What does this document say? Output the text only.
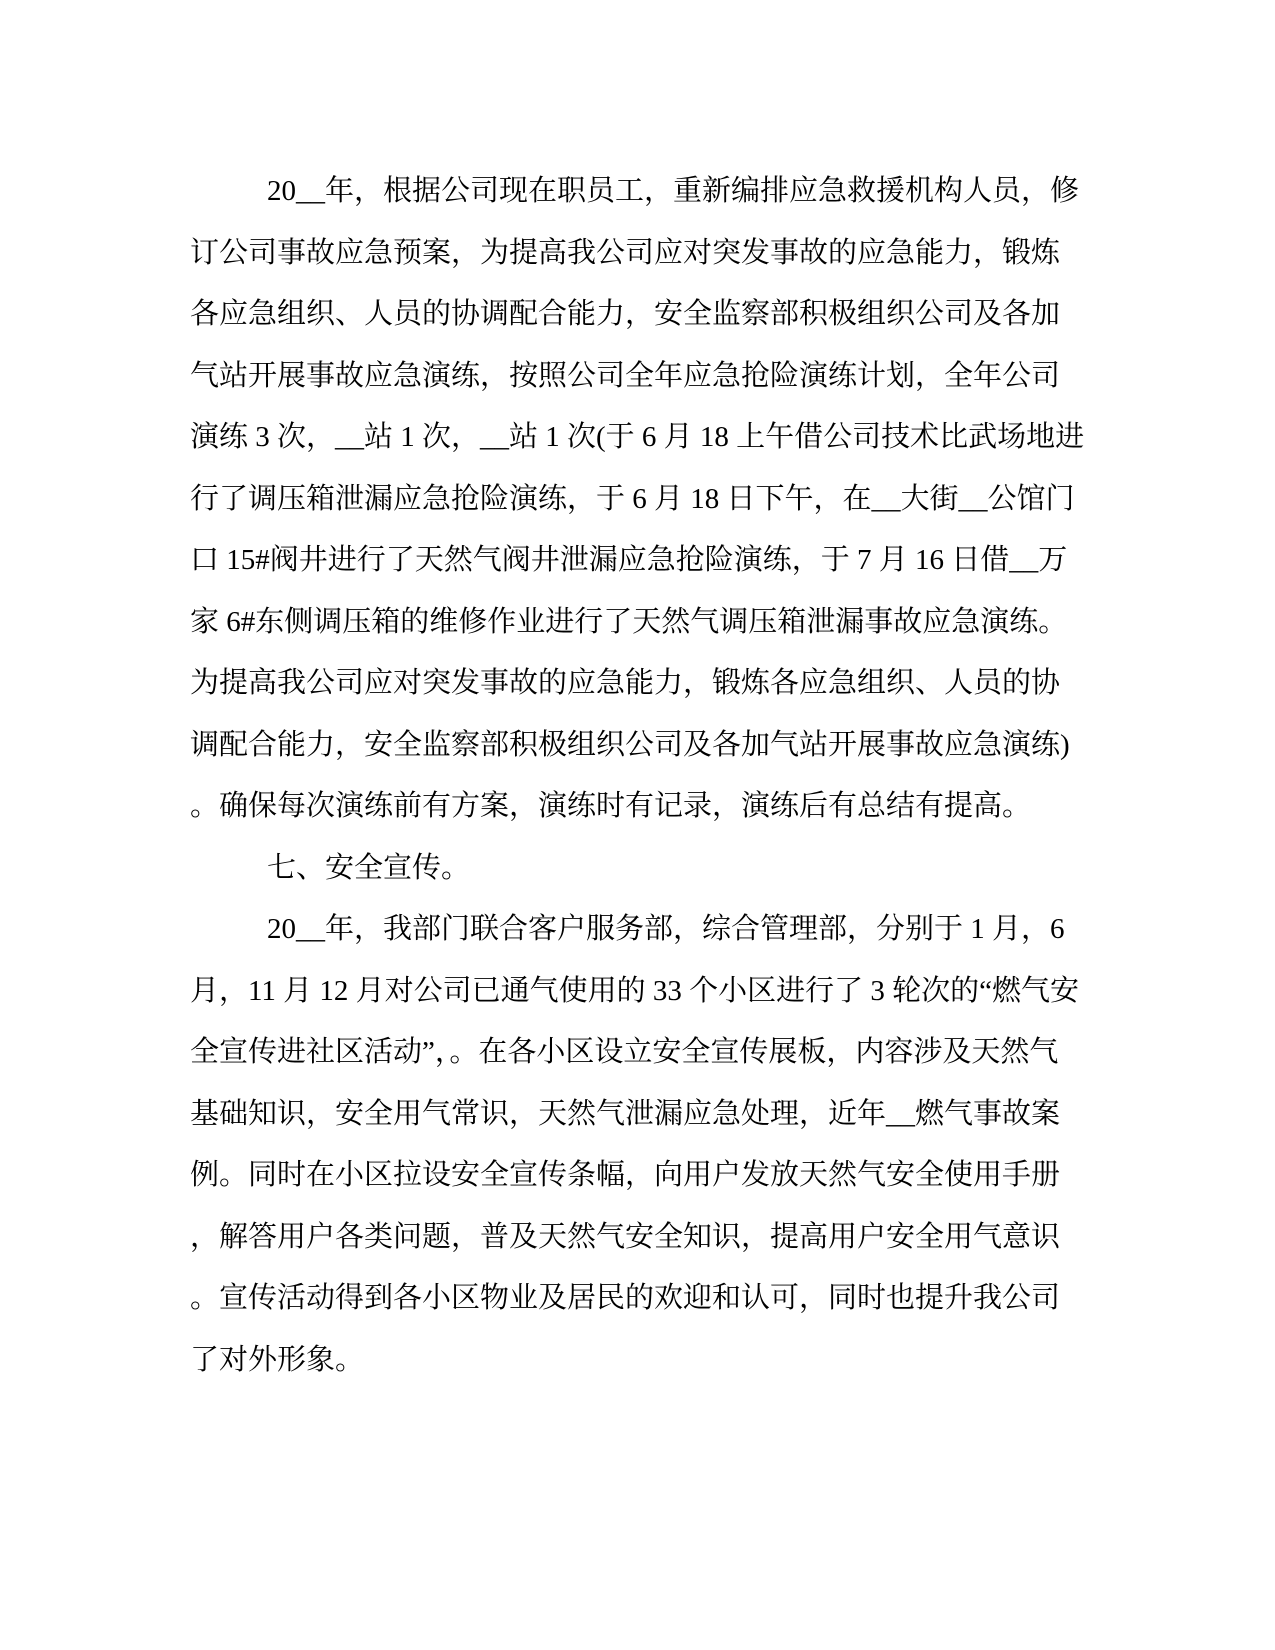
20__年，根据公司现在职员工，重新编排应急救援机构人员，修
订公司事故应急预案，为提高我公司应对突发事故的应急能力，锻炼
各应急组织、人员的协调配合能力，安全监察部积极组织公司及各加
气站开展事故应急演练，按照公司全年应急抢险演练计划，全年公司
演练 3 次，__站 1 次，__站 1 次(于 6 月 18 上午借公司技术比武场地进
行了调压箱泄漏应急抢险演练，于 6 月 18 日下午，在__大街__公馆门
口 15#阀井进行了天然气阀井泄漏应急抢险演练，于 7 月 16 日借__万
家 6#东侧调压箱的维修作业进行了天然气调压箱泄漏事故应急演练。
为提高我公司应对突发事故的应急能力，锻炼各应急组织、人员的协
调配合能力，安全监察部积极组织公司及各加气站开展事故应急演练)
。确保每次演练前有方案，演练时有记录，演练后有总结有提高。
七、安全宣传。
20__年，我部门联合客户服务部，综合管理部，分别于 1 月，6
月，11 月 12 月对公司已通气使用的 33 个小区进行了 3 轮次的“燃气安
全宣传进社区活动”，。在各小区设立安全宣传展板，内容涉及天然气
基础知识，安全用气常识，天然气泄漏应急处理，近年__燃气事故案
例。同时在小区拉设安全宣传条幅，向用户发放天然气安全使用手册
，解答用户各类问题，普及天然气安全知识，提高用户安全用气意识
。宣传活动得到各小区物业及居民的欢迎和认可，同时也提升我公司
了对外形象。
